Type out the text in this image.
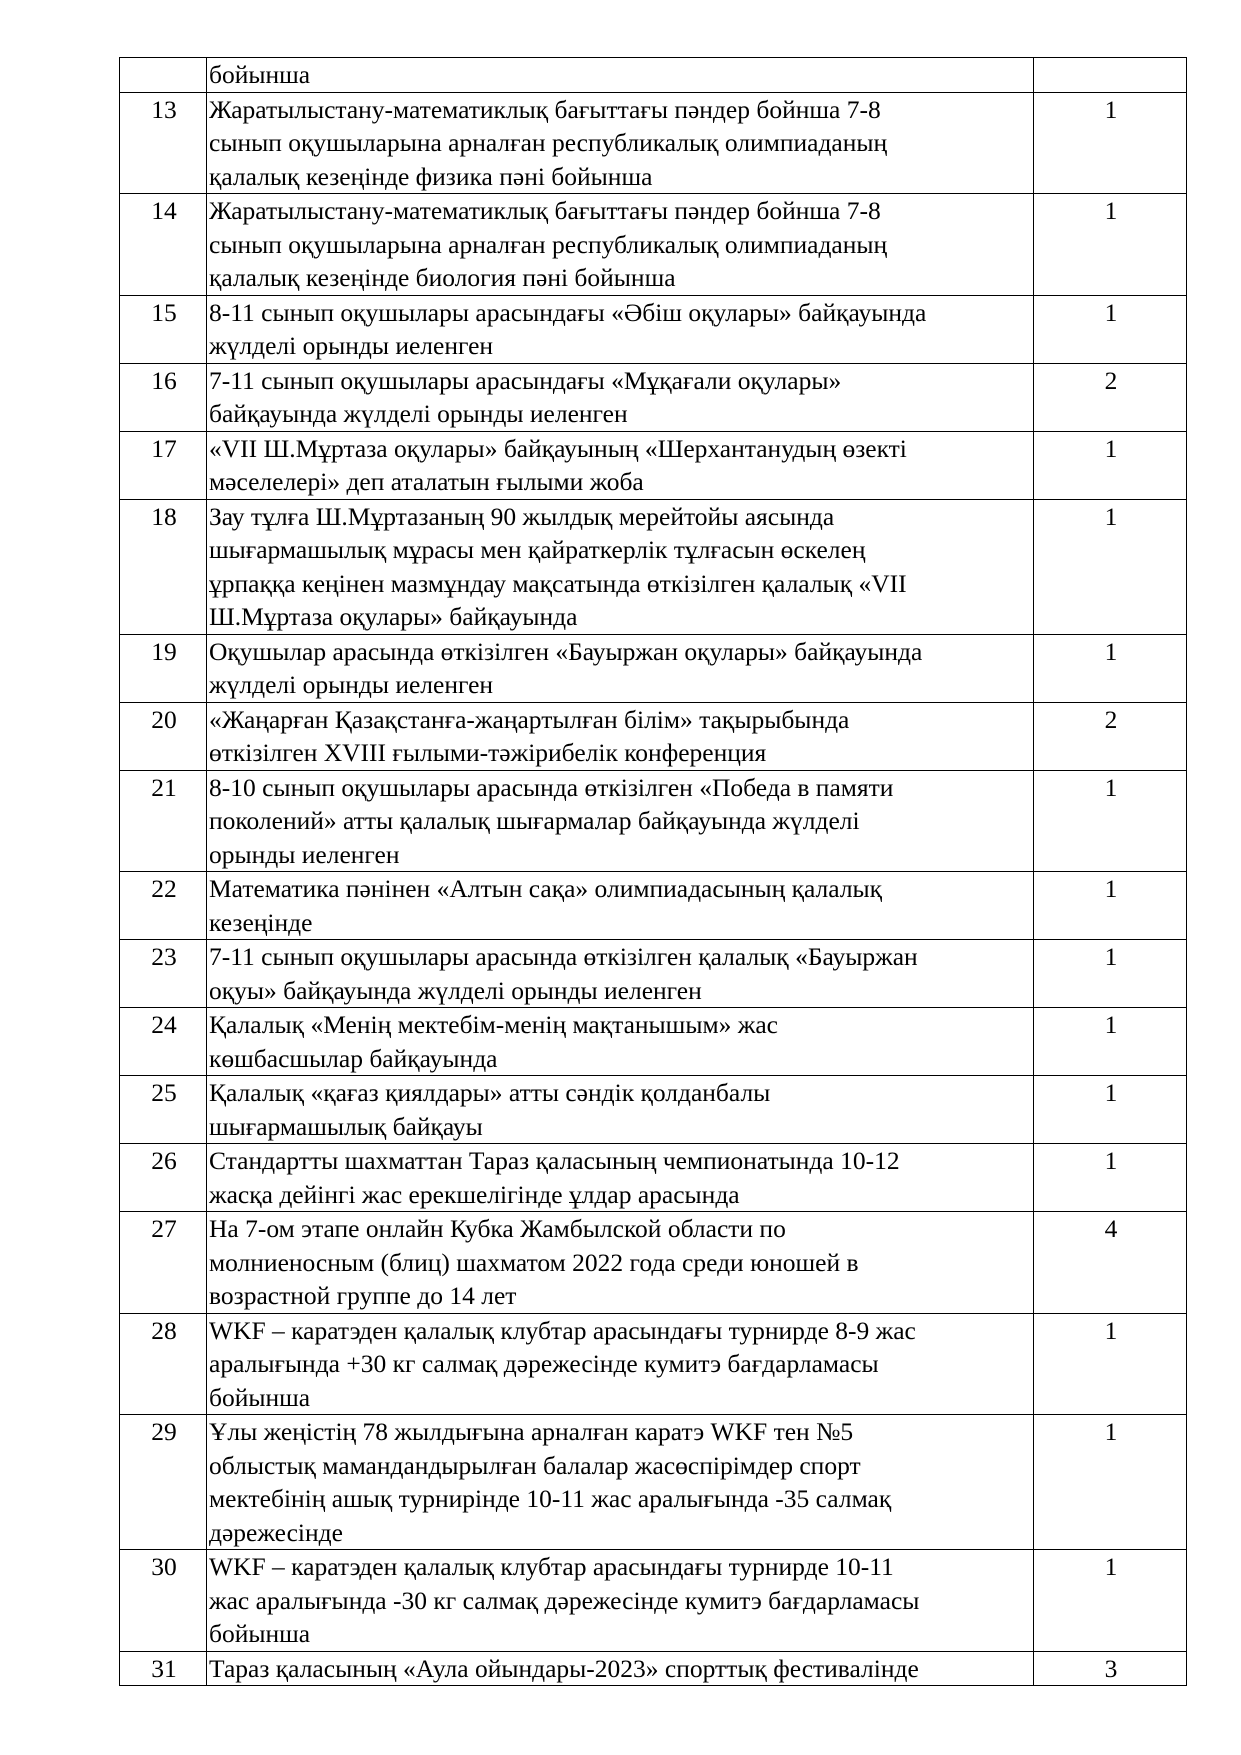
	бойынша	

13	Жаратылыстану-математиклық бағыттағы пәндер бойнша 7-8
сынып оқушыларына арналған республикалық олимпиаданың
қалалық кезеңінде физика пәні бойынша	1
14	Жаратылыстану-математиклық бағыттағы пәндер бойнша 7-8
сынып оқушыларына арналған республикалық олимпиаданың
қалалық кезеңінде биология пәні бойынша	1
15	8-11 сынып оқушылары арасындағы «Әбіш оқулары» байқауында
жүлделі орынды иеленген	1
16	7-11 сынып оқушылары арасындағы «Мұқағали оқулары»
байқауында жүлделі орынды иеленген	2
17	«VII Ш.Мұртаза оқулары» байқауының «Шерхантанудың өзекті
мәселелері» деп аталатын ғылыми жоба	1
18	Зау тұлға Ш.Мұртазаның 90 жылдық мерейтойы аясында
шығармашылық мұрасы мен қайраткерлік тұлғасын өскелең
ұрпаққа кеңінен мазмұндау мақсатында өткізілген қалалық «VII
Ш.Мұртаза оқулары» байқауында	1
19	Оқушылар арасында өткізілген «Бауыржан оқулары» байқауында
жүлделі орынды иеленген	1
20	«Жаңарған Қазақстанға-жаңартылған білім» тақырыбында
өткізілген XVIII ғылыми-тәжірибелік конференция	2
21	8-10 сынып оқушылары арасында өткізілген «Победа в памяти
поколений» атты қалалық шығармалар байқауында жүлделі
орынды иеленген	1
22	Математика пәнінен «Алтын сақа» олимпиадасының қалалық
кезеңінде	1
23	7-11 сынып оқушылары арасында өткізілген қалалық «Бауыржан
оқуы» байқауында жүлделі орынды иеленген	1
24	Қалалық «Менің мектебім-менің мақтанышым» жас
көшбасшылар байқауында	1
25	Қалалық «қағаз қиялдары» атты сәндік қолданбалы
шығармашылық байқауы	1
26	Стандартты шахматтан Тараз қаласының чемпионатында 10-12
жасқа дейінгі жас ерекшелігінде ұлдар арасында	1
27	На 7-ом этапе онлайн Кубка Жамбылской области по
молниеносным (блиц) шахматом 2022 года среди юношей в
возрастной группе до 14 лет	4
28	WKF – каратэден қалалық клубтар арасындағы турнирде 8-9 жас
аралығында +30 кг салмақ дәрежесінде кумитэ бағдарламасы
бойынша	1
29	Ұлы жеңістің 78 жылдығына арналған каратэ WKF тен №5
облыстық мамандандырылған балалар жасөспірімдер спорт
мектебінің ашық турнирінде 10-11 жас аралығында -35 салмақ
дәрежесінде	1
30	WKF – каратэден қалалық клубтар арасындағы турнирде 10-11
жас аралығында -30 кг салмақ дәрежесінде кумитэ бағдарламасы
бойынша	1
31	Тараз қаласының «Аула ойындары-2023» спорттық фестивалінде	3
